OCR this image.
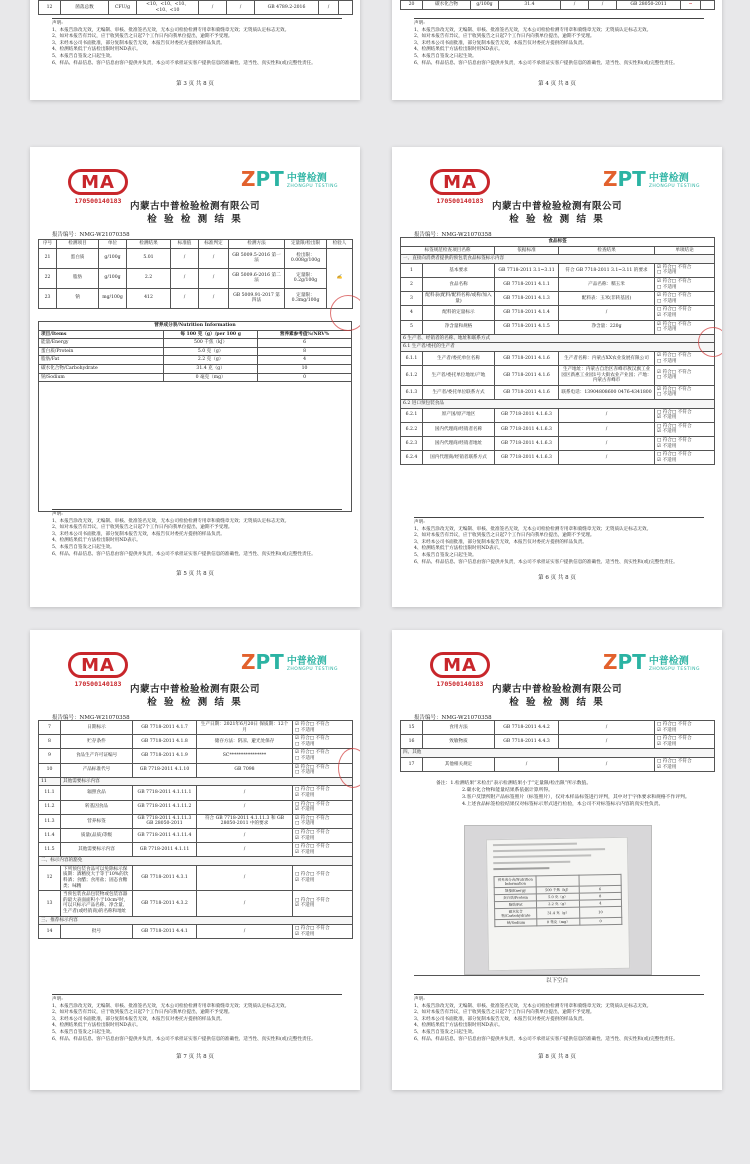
12	菌落总数	CFU/g	<10、<10、<10、<10、<10	/	/	GB 4789.2-2016	/	
声明:
1、本报告涂改无效，无编制、审核、批准签名无效，无本公司检验检测专用章和骑缝章无效；无资质认定标志无效。
2、如对本报告有异议，应于收到报告之日起7个工作日内向我单位提出，逾期不予受理。
3、未经本公司书面批准，部分复制本报告无效，本报告仅对委托方提供的样品负责。
4、检测结果低于方法检出限时用ND表示。
5、本报告自签发之日起生效。
6、样品、样品信息、客户信息由客户提供并负责，本公司不承担证实客户提供信息的准确性、适当性、真实性和(或)完整性责任。
第 3 页 共 8 页
20	碳水化合物	g/100g	31.4	/	/	GB 28050-2011	~	
声明:
1、本报告涂改无效，无编制、审核、批准签名无效，无本公司检验检测专用章和骑缝章无效；无资质认定标志无效。
2、如对本报告有异议，应于收到报告之日起7个工作日内向我单位提出，逾期不予受理。
3、未经本公司书面批准，部分复制本报告无效，本报告仅对委托方提供的样品负责。
4、检测结果低于方法检出限时用ND表示。
5、本报告自签发之日起生效。
6、样品、样品信息、客户信息由客户提供并负责，本公司不承担证实客户提供信息的准确性、适当性、真实性和(或)完整性责任。
第 4 页 共 8 页
MA
170500140183
ZPT 中普检测
ZHONGPU TESTING
内蒙古中普检验检测有限公司
检 验 检 测 结 果
报告编号：NMG-W21070358
序号	检测项目	单位	检测结果	标准值	标准判定	检测方法	定量限/检出限	检验人
21	蛋白质	g/100g	5.01	/	/	GB 5009.5-2016 第一法	检出限：0.008g/100g	✍
22	脂肪	g/100g	2.2	/	/	GB 5009.6-2016 第二法	定量限：0.2g/100g	
23	钠	mg/100g	412	/	/	GB 5009.91-2017 第四法	定量限：0.3mg/100g	
营养成分表/Nutrition Information		
项目/Items	每 100 克（g）/per 100 g	营养素参考值%/NRV%
能量/Energy	500 千焦（kJ）	6
蛋白质/Protein	5.0 克（g）	8
脂肪/Fat	2.2 克（g）	4
碳水化合物/Carbohydrate	31.4 克（g）	10
钠/Sodium	0 毫克（mg）	0

声明:
1、本报告涂改无效，无编制、审核、批准签名无效，无本公司检验检测专用章和骑缝章无效；无资质认定标志无效。
2、如对本报告有异议，应于收到报告之日起7个工作日内向我单位提出，逾期不予受理。
3、未经本公司书面批准，部分复制本报告无效，本报告仅对委托方提供的样品负责。
4、检测结果低于方法检出限时用ND表示。
5、本报告自签发之日起生效。
6、样品、样品信息、客户信息由客户提供并负责，本公司不承担证实客户提供信息的准确性、适当性、真实性和(或)完整性责任。
第 5 页 共 8 页
MA
170500140183
ZPT 中普检测
ZHONGPU TESTING
内蒙古中普检验检测有限公司
检 验 检 测 结 果
报告编号：NMG-W21070358
食品标签				
标签规范检查项目名称		依据标准	检查结果	单项结论
一、直接向消费者提供的预包装食品标签标示内容				
1	基本要求	GB 7718-2011 3.1~3.11	符合 GB 7718-2011 3.1~3.11 的要求	☑ 符合□ 不符合
□ 不适用

2	食品名称	GB 7718-2011 4.1.1	产品名称：糯玉米	☑ 符合□ 不符合
□ 不适用

3	配料表(配料/配料名称/或称/加入量)	GB 7718-2011 4.1.3	配料表：玉米(非转基因)	☑ 符合□ 不符合
□ 不适用

4	配料的定量标示	GB 7718-2011 4.1.4	/	□ 符合□ 不符合
☑ 不适用

5	净含量和规格	GB 7718-2011 4.1.5	净含量：220g	☑ 符合□ 不符合
□ 不适用

6 生产者、经销者的名称、地址和联系方式				
6.1 生产者/委托的生产者				
6.1.1	生产者/委托单位名称	GB 7718-2011 4.1.6	生产者名称：内蒙古XX农业发展有限公司	☑ 符合□ 不符合
□ 不适用

6.1.2	生产者/委托单位地址/产地	GB 7718-2011 4.1.6	生产地址：内蒙古自治区赤峰市敖汉旗工业园区新惠工业园1号大街农业产业园；产地：内蒙古赤峰市	☑ 符合□ 不符合
□ 不适用

6.1.3	生产者/委托单位联系方式	GB 7718-2011 4.1.6	联系电话：13904808600 0476-4341800	☑ 符合□ 不符合
□ 不适用

6.2 进口预包装食品				
6.2.1	原产国/原产地区	GB 7718-2011 4.1.6.3	/	□ 符合□ 不符合
☑ 不适用

6.2.2	国内代理商/经销者名称	GB 7718-2011 4.1.6.3	/	□ 符合□ 不符合
☑ 不适用

6.2.3	国内代理商/经销者地址	GB 7718-2011 4.1.6.3	/	□ 符合□ 不符合
☑ 不适用

6.2.4	国内代理商/经销者联系方式	GB 7718-2011 4.1.6.3	/	□ 符合□ 不符合
☑ 不适用
声明:
1、本报告涂改无效，无编制、审核、批准签名无效，无本公司检验检测专用章和骑缝章无效；无资质认定标志无效。
2、如对本报告有异议，应于收到报告之日起7个工作日内向我单位提出，逾期不予受理。
3、未经本公司书面批准，部分复制本报告无效，本报告仅对委托方提供的样品负责。
4、检测结果低于方法检出限时用ND表示。
5、本报告自签发之日起生效。
6、样品、样品信息、客户信息由客户提供并负责，本公司不承担证实客户提供信息的准确性、适当性、真实性和(或)完整性责任。
第 6 页 共 8 页
MA
170500140183
ZPT 中普检测
ZHONGPU TESTING
内蒙古中普检验检测有限公司
检 验 检 测 结 果
报告编号：NMG-W21070358
7	日期标示	GB 7718-2011 4.1.7	生产日期：2021年6月20日 保质期：12个月	☑ 符合□ 不符合
□ 不适用

8	贮存条件	GB 7718-2011 4.1.8	储存方法：阴凉、避光处保存	☑ 符合□ 不符合
□ 不适用

9	食品生产许可证编号	GB 7718-2011 4.1.9	SC****************	☑ 符合□ 不符合
□ 不适用

10	产品标准代号	GB 7718-2011 4.1.10	GB 7098	☑ 符合□ 不符合
□ 不适用

11	其他需要标示内容			
11.1	辐照食品	GB 7718-2011 4.1.11.1	/	□ 符合□ 不符合
☑ 不适用

11.2	转基因食品	GB 7718-2011 4.1.11.2	/	□ 符合□ 不符合
☑ 不适用

11.3	营养标签	GB 7718-2011 4.1.11.3 GB 28050-2011	符合 GB 7718-2011 4.1.11.3 和 GB 28050-2011 中的要求	☑ 符合□ 不符合
□ 不适用

11.4	质量(品质)等级	GB 7718-2011 4.1.11.4	/	□ 符合□ 不符合
☑ 不适用

11.5	其他需要标示内容	GB 7718-2011 4.1.11	/	□ 符合□ 不符合
☑ 不适用

二、标示内容的豁免				
12	下列预包装食品可以免除标示保质期：酒精度大于等于10%的饮料酒；食醋；食用盐；固态食糖类；味精	GB 7718-2011 4.3.1	/	□ 符合□ 不符合
☑ 不适用

13	当预包装食品包装物或包装容器的最大表面面积小于10cm²时，可以只标示产品名称、净含量、生产者(或经销商)的名称和地址	GB 7718-2011 4.3.2	/	□ 符合□ 不符合
☑ 不适用

三、推荐标示内容				
14	批号	GB 7718-2011 4.4.1	/	□ 符合□ 不符合
☑ 不适用
声明:
1、本报告涂改无效，无编制、审核、批准签名无效，无本公司检验检测专用章和骑缝章无效；无资质认定标志无效。
2、如对本报告有异议，应于收到报告之日起7个工作日内向我单位提出，逾期不予受理。
3、未经本公司书面批准，部分复制本报告无效，本报告仅对委托方提供的样品负责。
4、检测结果低于方法检出限时用ND表示。
5、本报告自签发之日起生效。
6、样品、样品信息、客户信息由客户提供并负责，本公司不承担证实客户提供信息的准确性、适当性、真实性和(或)完整性责任。
第 7 页 共 8 页
MA
170500140183
ZPT 中普检测
ZHONGPU TESTING
内蒙古中普检验检测有限公司
检 验 检 测 结 果
报告编号：NMG-W21070358
15	食用方法	GB 7718-2011 4.4.2	/	□ 符合□ 不符合
☑ 不适用

16	致敏物质	GB 7718-2011 4.4.3	/	□ 符合□ 不符合
☑ 不适用

四、其他				
17	其他相关规定	/	/	□ 符合□ 不符合
☑ 不适用
备注：1.检测结果“未检出”表示检测结果小于“定量限/检出限”所示数值。
2.碳水化合物和能量结果系依据计算所得。
3.客户反馈所附产品标签照片（标签照片），仅对本样品标签进行评判，其中对于字体要求和规格不作评判。
4.上述食品标签检验结果仅对标签标示形式进行检验，本公司不对标签标示内容的真实性负责。
营养成分表/Nutrition Information		
能量/Energy	500 千焦（kJ）	6
蛋白质/Protein	5.0 克（g）	8
脂肪/Fat	2.2 克（g）	4
碳水化合物/Carbohydrate	31.4 克（g）	10
钠/Sodium	0 毫克（mg）	0
以下空白
声明:
1、本报告涂改无效，无编制、审核、批准签名无效，无本公司检验检测专用章和骑缝章无效；无资质认定标志无效。
2、如对本报告有异议，应于收到报告之日起7个工作日内向我单位提出，逾期不予受理。
3、未经本公司书面批准，部分复制本报告无效，本报告仅对委托方提供的样品负责。
4、检测结果低于方法检出限时用ND表示。
5、本报告自签发之日起生效。
6、样品、样品信息、客户信息由客户提供并负责，本公司不承担证实客户提供信息的准确性、适当性、真实性和(或)完整性责任。
第 8 页 共 8 页
